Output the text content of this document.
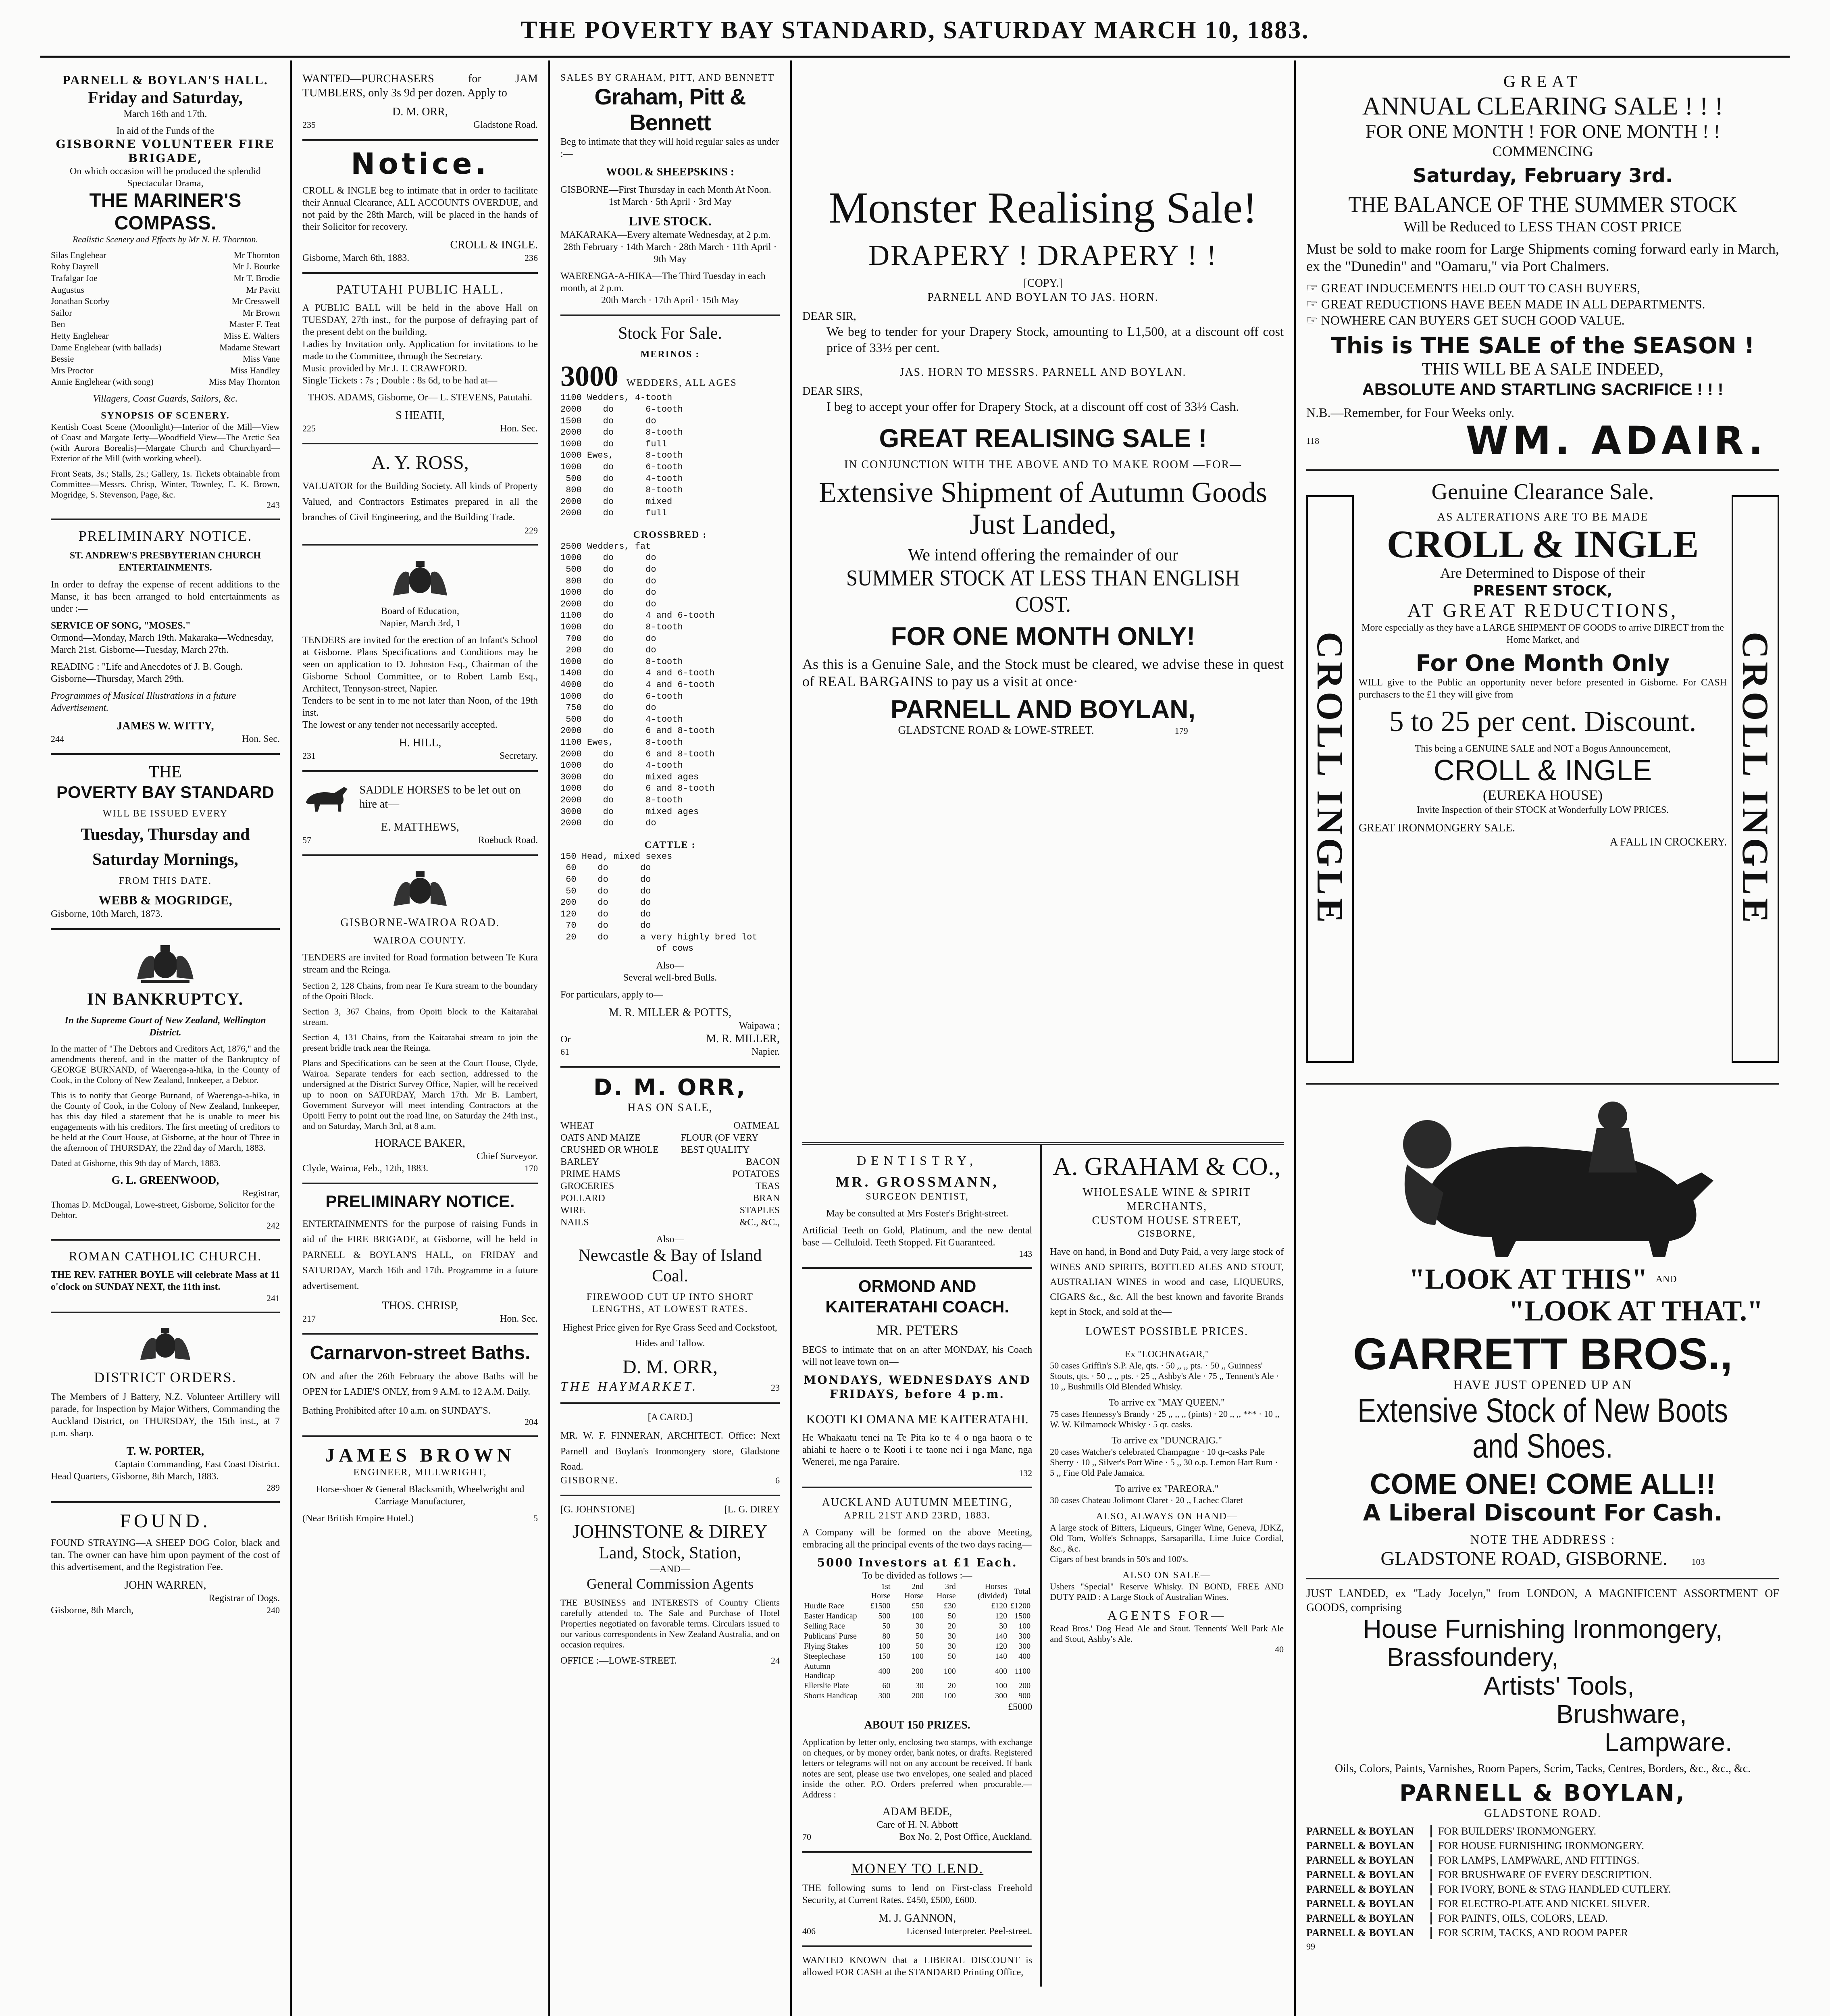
THE POVERTY BAY STANDARD, SATURDAY MARCH 10, 1883.
PARNELL & BOYLAN'S HALL.
Friday and Saturday,
March 16th and 17th.
In aid of the Funds of the
GISBORNE VOLUNTEER FIRE BRIGADE,
On which occasion will be produced the splendid Spectacular Drama,
THE MARINER'S COMPASS.
Realistic Scenery and Effects by Mr N. H. Thornton.
Silas Englehear	Mr Thornton
Roby Dayrell	Mr J. Bourke
Trafalgar Joe	Mr T. Brodie
Augustus	Mr Pavitt
Jonathan Scorby	Mr Cresswell
Sailor	Mr Brown
Ben	Master F. Teat
Hetty Englehear	Miss E. Walters
Dame Englehear (with ballads)	Madame Stewart
Bessie	Miss Vane
Mrs Proctor	Miss Handley
Annie Englehear (with song)	Miss May Thornton
Villagers, Coast Guards, Sailors, &c.
SYNOPSIS OF SCENERY.
Kentish Coast Scene (Moonlight)—Interior of the Mill—View of Coast and Margate Jetty—Woodfield View—The Arctic Sea (with Aurora Borealis)—Margate Church and Churchyard—Exterior of the Mill (with working wheel).
Front Seats, 3s.; Stalls, 2s.; Gallery, 1s. Tickets obtainable from Committee—Messrs. Chrisp, Winter, Townley, E. K. Brown, Mogridge, S. Stevenson, Page, &c.
243
PRELIMINARY NOTICE.
ST. ANDREW'S PRESBYTERIAN CHURCH ENTERTAINMENTS.
In order to defray the expense of recent additions to the Manse, it has been arranged to hold entertainments as under :—
SERVICE OF SONG, "MOSES."
Ormond—Monday, March 19th. Makaraka—Wednesday, March 21st. Gisborne—Tuesday, March 27th.
READING : "Life and Anecdotes of J. B. Gough.
Gisborne—Thursday, March 29th.
Programmes of Musical Illustrations in a future Advertisement.
JAMES W. WITTY,
244	Hon. Sec.
THE
POVERTY BAY STANDARD
WILL BE ISSUED EVERY
Tuesday, Thursday and
Saturday Mornings,
FROM THIS DATE.
WEBB & MOGRIDGE,
Gisborne, 10th March, 1873.
IN BANKRUPTCY.
In the Supreme Court of New Zealand, Wellington District.
In the matter of "The Debtors and Creditors Act, 1876," and the amendments thereof, and in the matter of the Bankruptcy of GEORGE BURNAND, of Waerenga-a-hika, in the County of Cook, in the Colony of New Zealand, Innkeeper, a Debtor.
This is to notify that George Burnand, of Waerenga-a-hika, in the County of Cook, in the Colony of New Zealand, Innkeeper, has this day filed a statement that he is unable to meet his engagements with his creditors. The first meeting of creditors to be held at the Court House, at Gisborne, at the hour of Three in the afternoon of THURSDAY, the 22nd day of March, 1883.
Dated at Gisborne, this 9th day of March, 1883.
G. L. GREENWOOD,
Registrar,
Thomas D. McDougal, Lowe-street, Gisborne, Solicitor for the Debtor.
242
ROMAN CATHOLIC CHURCH.
THE REV. FATHER BOYLE will celebrate Mass at 11 o'clock on SUNDAY NEXT, the 11th inst.
241
DISTRICT ORDERS.
The Members of J Battery, N.Z. Volunteer Artillery will parade, for Inspection by Major Withers, Commanding the Auckland District, on THURSDAY, the 15th inst., at 7 p.m. sharp.
T. W. PORTER,
Captain Commanding, East Coast District.
Head Quarters, Gisborne, 8th March, 1883.
289
FOUND.
FOUND STRAYING—A SHEEP DOG Color, black and tan. The owner can have him upon payment of the cost of this advertisement, and the Registration Fee.
JOHN WARREN,
Registrar of Dogs.
Gisborne, 8th March,	240
WANTED—PURCHASERS for JAM TUMBLERS, only 3s 9d per dozen. Apply to
D. M. ORR,
235	Gladstone Road.
Notice.
CROLL & INGLE beg to intimate that in order to facilitate their Annual Clearance, ALL ACCOUNTS OVERDUE, and not paid by the 28th March, will be placed in the hands of their Solicitor for recovery.
CROLL & INGLE.
Gisborne, March 6th, 1883.	236
PATUTAHI PUBLIC HALL.
A PUBLIC BALL will be held in the above Hall on TUESDAY, 27th inst., for the purpose of defraying part of the present debt on the building.
Ladies by Invitation only. Application for invitations to be made to the Committee, through the Secretary.
Music provided by Mr J. T. CRAWFORD.
Single Tickets : 7s ; Double : 8s 6d, to be had at—
THOS. ADAMS, Gisborne, Or— L. STEVENS, Patutahi.
S HEATH,
225	Hon. Sec.
A. Y. ROSS,
VALUATOR for the Building Society. All kinds of Property Valued, and Contractors Estimates prepared in all the branches of Civil Engineering, and the Building Trade.
229
Board of Education,
Napier, March 3rd, 1
TENDERS are invited for the erection of an Infant's School at Gisborne. Plans Specifications and Conditions may be seen on application to D. Johnston Esq., Chairman of the Gisborne School Committee, or to Robert Lamb Esq., Architect, Tennyson-street, Napier.
Tenders to be sent in to me not later than Noon, of the 19th inst.
The lowest or any tender not necessarily accepted.
H. HILL,
231	Secretary.
SADDLE HORSES to be let out on hire at—
E. MATTHEWS,
57	Roebuck Road.
GISBORNE-WAIROA ROAD.
WAIROA COUNTY.
TENDERS are invited for Road formation between Te Kura stream and the Reinga.
Section 2, 128 Chains, from near Te Kura stream to the boundary of the Opoiti Block.
Section 3, 367 Chains, from Opoiti block to the Kaitarahai stream.
Section 4, 131 Chains, from the Kaitarahai stream to join the present bridle track near the Reinga.
Plans and Specifications can be seen at the Court House, Clyde, Wairoa. Separate tenders for each section, addressed to the undersigned at the District Survey Office, Napier, will be received up to noon on SATURDAY, March 17th. Mr B. Lambert, Government Surveyor will meet intending Contractors at the Opoiti Ferry to point out the road line, on Saturday the 24th inst., and on Saturday, March 3rd, at 8 a.m.
HORACE BAKER,
Chief Surveyor.
Clyde, Wairoa, Feb., 12th, 1883.	170
PRELIMINARY NOTICE.
ENTERTAINMENTS for the purpose of raising Funds in aid of the FIRE BRIGADE, at Gisborne, will be held in PARNELL & BOYLAN'S HALL, on FRIDAY and SATURDAY, March 16th and 17th. Programme in a future advertisement.
THOS. CHRISP,
217	Hon. Sec.
Carnarvon-street Baths.
ON and after the 26th February the above Baths will be OPEN for LADIE'S ONLY, from 9 A.M. to 12 A.M. Daily.
Bathing Prohibited after 10 a.m. on SUNDAY'S.
204
JAMES BROWN
ENGINEER, MILLWRIGHT,
Horse-shoer & General Blacksmith, Wheelwright and Carriage Manufacturer,
(Near British Empire Hotel.)	5
SALES BY GRAHAM, PITT, AND BENNETT
Graham, Pitt & Bennett
Beg to intimate that they will hold regular sales as under :—
WOOL & SHEEPSKINS :
GISBORNE—First Thursday in each Month At Noon.
1st March · 5th April · 3rd May
LIVE STOCK.
MAKARAKA—Every alternate Wednesday, at 2 p.m.
28th February · 14th March · 28th March · 11th April · 9th May
WAERENGA-A-HIKA—The Third Tuesday in each month, at 2 p.m.
20th March · 17th April · 15th May
Stock For Sale.
MERINOS :
3000 WEDDERS, ALL AGES
1100 Wedders, 4-tooth
2000    do      6-tooth
1500    do      do
2000    do      8-tooth
1000    do      full
1000 Ewes,      8-tooth
1000    do      6-tooth
500    do      4-tooth
800    do      8-tooth
2000    do      mixed
2000    do      full
CROSSBRED :
2500 Wedders, fat
1000    do      do
500    do      do
800    do      do
1000    do      do
2000    do      do
1100    do      4 and 6-tooth
1000    do      8-tooth
700    do      do
200    do      do
1000    do      8-tooth
1400    do      4 and 6-tooth
4000    do      4 and 6-tooth
1000    do      6-tooth
750    do      do
500    do      4-tooth
2000    do      6 and 8-tooth
1100 Ewes,      8-tooth
2000    do      6 and 8-tooth
1000    do      4-tooth
3000    do      mixed ages
1000    do      6 and 8-tooth
2000    do      8-tooth
3000    do      mixed ages
2000    do      do
CATTLE :
150 Head, mixed sexes
60    do      do
60    do      do
50    do      do
200    do      do
120    do      do
70    do      do
20    do      a very highly bred lot
of cows
Also—
Several well-bred Bulls.
For particulars, apply to—
M. R. MILLER & POTTS,
Waipawa ;
Or	M. R. MILLER,
61	Napier.
D. M. ORR,
HAS ON SALE,
WHEAT	OATMEAL
OATS AND MAIZE CRUSHED OR WHOLE
FLOUR (OF VERY BEST QUALITY
BARLEY	BACON
PRIME HAMS	POTATOES
GROCERIES	TEAS
POLLARD	BRAN
WIRE	STAPLES
NAILS	&C., &C.,
Also—
Newcastle & Bay of Island Coal.
FIREWOOD CUT UP INTO SHORT LENGTHS, AT LOWEST RATES.
Highest Price given for Rye Grass Seed and Cocksfoot, Hides and Tallow.
D. M. ORR,
THE HAYMARKET.	23
[A CARD.]
MR. W. F. FINNERAN, ARCHITECT. Office: Next Parnell and Boylan's Ironmongery store, Gladstone Road.
GISBORNE.	6
[G. JOHNSTONE]	[L. G. DIREY
JOHNSTONE & DIREY
Land, Stock, Station,
—AND—
General Commission Agents
THE BUSINESS and INTERESTS of Country Clients carefully attended to. The Sale and Purchase of Hotel Properties negotiated on favorable terms. Circulars issued to our various correspondents in New Zealand Australia, and on occasion requires.
OFFICE :—LOWE-STREET.	24
Monster Realising Sale!
DRAPERY ! DRAPERY ! !
[COPY.]
PARNELL AND BOYLAN TO JAS. HORN.
DEAR SIR,
We beg to tender for your Drapery Stock, amounting to L1,500, at a discount off cost price of 33⅓ per cent.
JAS. HORN TO MESSRS. PARNELL AND BOYLAN.
DEAR SIRS,
I beg to accept your offer for Drapery Stock, at a discount off cost of 33⅓ Cash.
GREAT REALISING SALE !
IN CONJUNCTION WITH THE ABOVE AND TO MAKE ROOM —FOR—
Extensive Shipment of Autumn Goods Just Landed,
We intend offering the remainder of our
SUMMER STOCK AT LESS THAN ENGLISH COST.
FOR ONE MONTH ONLY!
As this is a Genuine Sale, and the Stock must be cleared, we advise these in quest of REAL BARGAINS to pay us a visit at once·
PARNELL AND BOYLAN,
GLADSTCNE ROAD & LOWE-STREET.	179
DENTISTRY,
MR. GROSSMANN,
SURGEON DENTIST,
May be consulted at Mrs Foster's Bright-street.
Artificial Teeth on Gold, Platinum, and the new dental base — Celluloid. Teeth Stopped. Fit Guaranteed.
143
ORMOND AND KAITERATAHI COACH.
MR. PETERS
BEGS to intimate that on an after MONDAY, his Coach will not leave town on—
MONDAYS, WEDNESDAYS AND FRIDAYS, before 4 p.m.
KOOTI KI OMANA ME KAITERATAHI.
He Whakaatu tenei na Te Pita ko te 4 o nga haora o te ahiahi te haere o te Kooti i te taone nei i nga Mane, nga Wenerei, me nga Paraire.
132
AUCKLAND AUTUMN MEETING,
APRIL 21ST AND 23RD, 1883.
A Company will be formed on the above Meeting, embracing all the principal events of the two days racing—
5000 Investors at £1 Each.
To be divided as follows :—
	1st Horse	2nd Horse	3rd Horse	Horses (divided)	Total
Hurdle Race	£1500	£50	£30	£120	£1200
Easter Handicap	500	100	50	120	1500
Selling Race	50	30	20	30	100
Publicans' Purse	80	50	30	140	300
Flying Stakes	100	50	30	120	300
Steeplechase	150	100	50	140	400
Autumn Handicap	400	200	100	400	1100
Ellerslie Plate	60	30	20	100	200
Shorts Handicap	300	200	100	300	900
£5000
ABOUT 150 PRIZES.
Application by letter only, enclosing two stamps, with exchange on cheques, or by money order, bank notes, or drafts. Registered letters or telegrams will not on any account be received. If bank notes are sent, please use two envelopes, one sealed and placed inside the other. P.O. Orders preferred when procurable.—Address :
ADAM BEDE,
Care of H. N. Abbott
70	Box No. 2, Post Office, Auckland.
MONEY TO LEND.
THE following sums to lend on First-class Freehold Security, at Current Rates. £450, £500, £600.
M. J. GANNON,
406	Licensed Interpreter. Peel-street.
WANTED KNOWN that a LIBERAL DISCOUNT is allowed FOR CASH at the STANDARD Printing Office,
A. GRAHAM & CO.,
WHOLESALE WINE & SPIRIT MERCHANTS,
CUSTOM HOUSE STREET,
GISBORNE,
Have on hand, in Bond and Duty Paid, a very large stock of WINES AND SPIRITS, BOTTLED ALES AND STOUT, AUSTRALIAN WINES in wood and case, LIQUEURS, CIGARS &c., &c. All the best known and favorite Brands kept in Stock, and sold at the—
LOWEST POSSIBLE PRICES.
Ex "LOCHNAGAR,"
50 cases Griffin's S.P. Ale, qts. · 50 ,, ,, pts. · 50 ,, Guinness' Stouts, qts. · 50 ,, ,, pts. · 25 ,, Ashby's Ale · 75 ,, Tennent's Ale · 10 ,, Bushmills Old Blended Whisky.
To arrive ex "MAY QUEEN."
75 cases Hennessy's Brandy · 25 ,, ,, ,, (pints) · 20 ,, ,, *** · 10 ,, W. W. Kilmarnock Whisky · 5 qr. casks.
To arrive ex "DUNCRAIG."
20 cases Watcher's celebrated Champagne · 10 qr-casks Pale Sherry · 10 ,, Silver's Port Wine · 5 ,, 30 o.p. Lemon Hart Rum · 5 ,, Fine Old Pale Jamaica.
To arrive ex "PAREORA."
30 cases Chateau Jolimont Claret · 20 ,, Lachec Claret
ALSO, ALWAYS ON HAND—
A large stock of Bitters, Liqueurs, Ginger Wine, Geneva, JDKZ, Old Tom, Wolfe's Schnapps, Sarsaparilla, Lime Juice Cordial, &c., &c.
Cigars of best brands in 50's and 100's.
ALSO ON SALE—
Ushers "Special" Reserve Whisky. IN BOND, FREE AND DUTY PAID : A Large Stock of Australian Wines.
AGENTS FOR—
Read Bros.' Dog Head Ale and Stout. Tennents' Well Park Ale and Stout, Ashby's Ale.
40
GREAT
ANNUAL CLEARING SALE ! ! !
FOR ONE MONTH ! FOR ONE MONTH ! !
COMMENCING
Saturday, February 3rd.
THE BALANCE OF THE SUMMER STOCK
Will be Reduced to LESS THAN COST PRICE
Must be sold to make room for Large Shipments coming forward early in March, ex the "Dunedin" and "Oamaru," via Port Chalmers.
☞ GREAT INDUCEMENTS HELD OUT TO CASH BUYERS,
☞ GREAT REDUCTIONS HAVE BEEN MADE IN ALL DEPARTMENTS.
☞ NOWHERE CAN BUYERS GET SUCH GOOD VALUE.
This is THE SALE of the SEASON !
THIS WILL BE A SALE INDEED,
ABSOLUTE AND STARTLING SACRIFICE ! ! !
N.B.—Remember, for Four Weeks only.
118	WM. ADAIR.
CROLL INGLE	CROLL INGLE
Genuine Clearance Sale.
AS ALTERATIONS ARE TO BE MADE
CROLL & INGLE
Are Determined to Dispose of their
PRESENT STOCK,
AT GREAT REDUCTIONS,
More especially as they have a LARGE SHIPMENT OF GOODS to arrive DIRECT from the Home Market, and
For One Month Only
WILL give to the Public an opportunity never before presented in Gisborne. For CASH purchasers to the £1 they will give from
5 to 25 per cent. Discount.
This being a GENUINE SALE and NOT a Bogus Announcement,
CROLL & INGLE
(EUREKA HOUSE)
Invite Inspection of their STOCK at Wonderfully LOW PRICES.
GREAT IRONMONGERY SALE.
A FALL IN CROCKERY.
"LOOK AT THIS" AND
"LOOK AT THAT."
GARRETT BROS.,
HAVE JUST OPENED UP AN
Extensive Stock of New Boots and Shoes.
COME ONE! COME ALL!!
A Liberal Discount For Cash.
NOTE THE ADDRESS :
GLADSTONE ROAD, GISBORNE.	103
JUST LANDED, ex "Lady Jocelyn," from LONDON, A MAGNIFICENT ASSORTMENT OF GOODS, comprising
House Furnishing Ironmongery,
Brassfoundery,
Artists' Tools,
Brushware,
Lampware.
Oils, Colors, Paints, Varnishes, Room Papers, Scrim, Tacks, Centres, Borders, &c., &c., &c.
PARNELL & BOYLAN,
GLADSTONE ROAD.
PARNELL & BOYLAN	FOR BUILDERS' IRONMONGERY.
PARNELL & BOYLAN	FOR HOUSE FURNISHING IRONMONGERY.
PARNELL & BOYLAN	FOR LAMPS, LAMPWARE, AND FITTINGS.
PARNELL & BOYLAN	FOR BRUSHWARE OF EVERY DESCRIPTION.
PARNELL & BOYLAN	FOR IVORY, BONE & STAG HANDLED CUTLERY.
PARNELL & BOYLAN	FOR ELECTRO-PLATE AND NICKEL SILVER.
PARNELL & BOYLAN	FOR PAINTS, OILS, COLORS, LEAD.
PARNELL & BOYLAN	FOR SCRIM, TACKS, AND ROOM PAPER
99
